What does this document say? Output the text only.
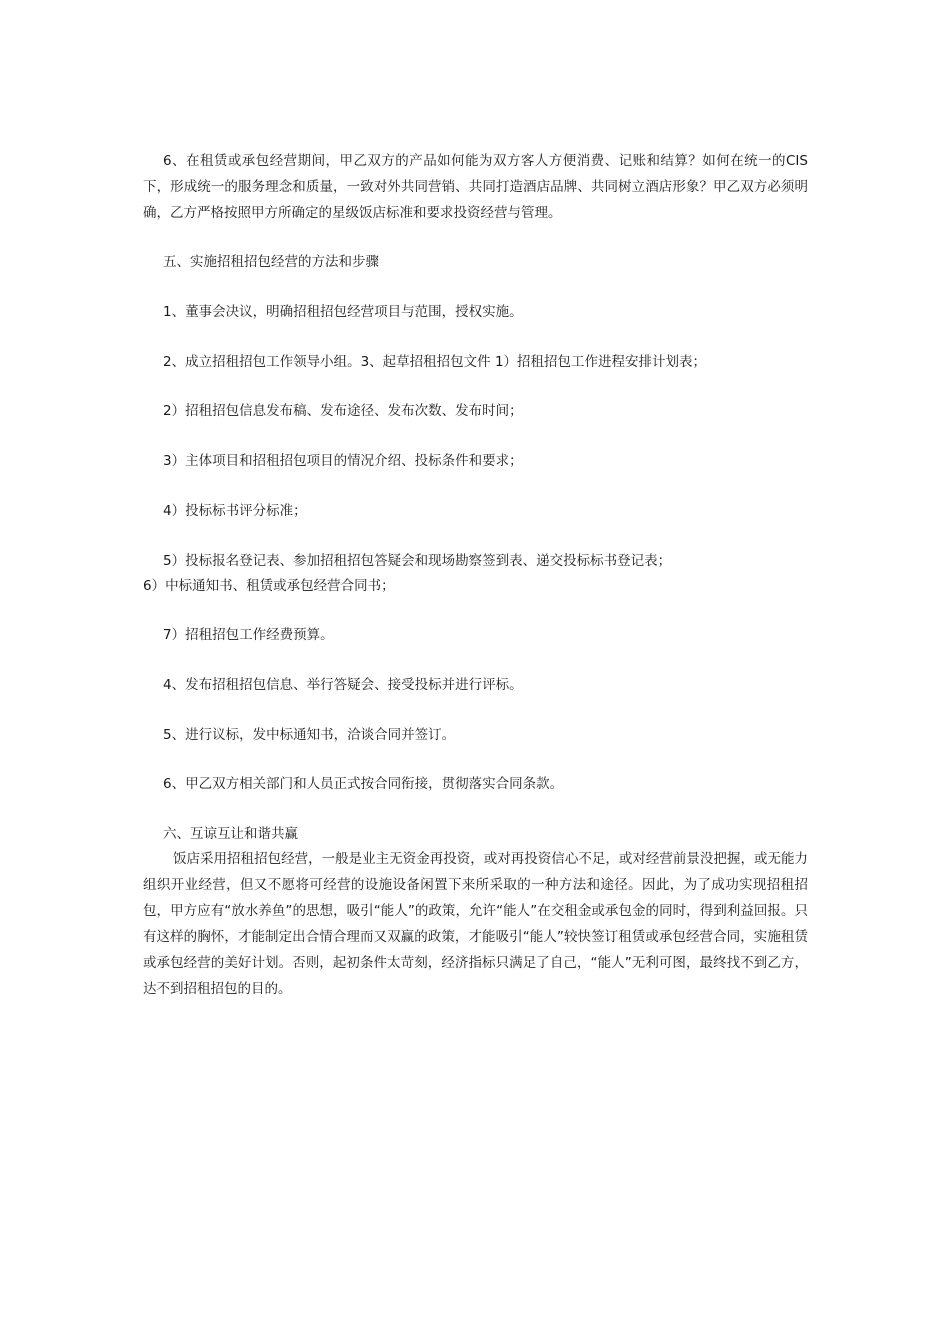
6、在租赁或承包经营期间，甲乙双方的产品如何能为双方客人方便消费、记账和结算？如何在统一的CIS下，形成统一的服务理念和质量，一致对外共同营销、共同打造酒店品牌、共同树立酒店形象？甲乙双方必须明确，乙方严格按照甲方所确定的星级饭店标准和要求投资经营与管理。
五、实施招租招包经营的方法和步骤
1、董事会决议，明确招租招包经营项目与范围，授权实施。
2、成立招租招包工作领导小组。3、起草招租招包文件 1）招租招包工作进程安排计划表；
2）招租招包信息发布稿、发布途径、发布次数、发布时间；
3）主体项目和招租招包项目的情况介绍、投标条件和要求；
4）投标标书评分标准；
5）投标报名登记表、参加招租招包答疑会和现场勘察签到表、递交投标标书登记表；
6）中标通知书、租赁或承包经营合同书；
7）招租招包工作经费预算。
4、发布招租招包信息、举行答疑会、接受投标并进行评标。
5、进行议标，发中标通知书，洽谈合同并签订。
6、甲乙双方相关部门和人员正式按合同衔接，贯彻落实合同条款。
六、互谅互让和谐共赢
饭店采用招租招包经营，一般是业主无资金再投资，或对再投资信心不足，或对经营前景没把握，或无能力组织开业经营，但又不愿将可经营的设施设备闲置下来所采取的一种方法和途径。因此，为了成功实现招租招包，甲方应有“放水养鱼”的思想，吸引“能人”的政策，允许“能人”在交租金或承包金的同时，得到利益回报。只有这样的胸怀，才能制定出合情合理而又双赢的政策，才能吸引“能人”较快签订租赁或承包经营合同，实施租赁或承包经营的美好计划。否则，起初条件太苛刻，经济指标只满足了自己，“能人”无利可图，最终找不到乙方，达不到招租招包的目的。
